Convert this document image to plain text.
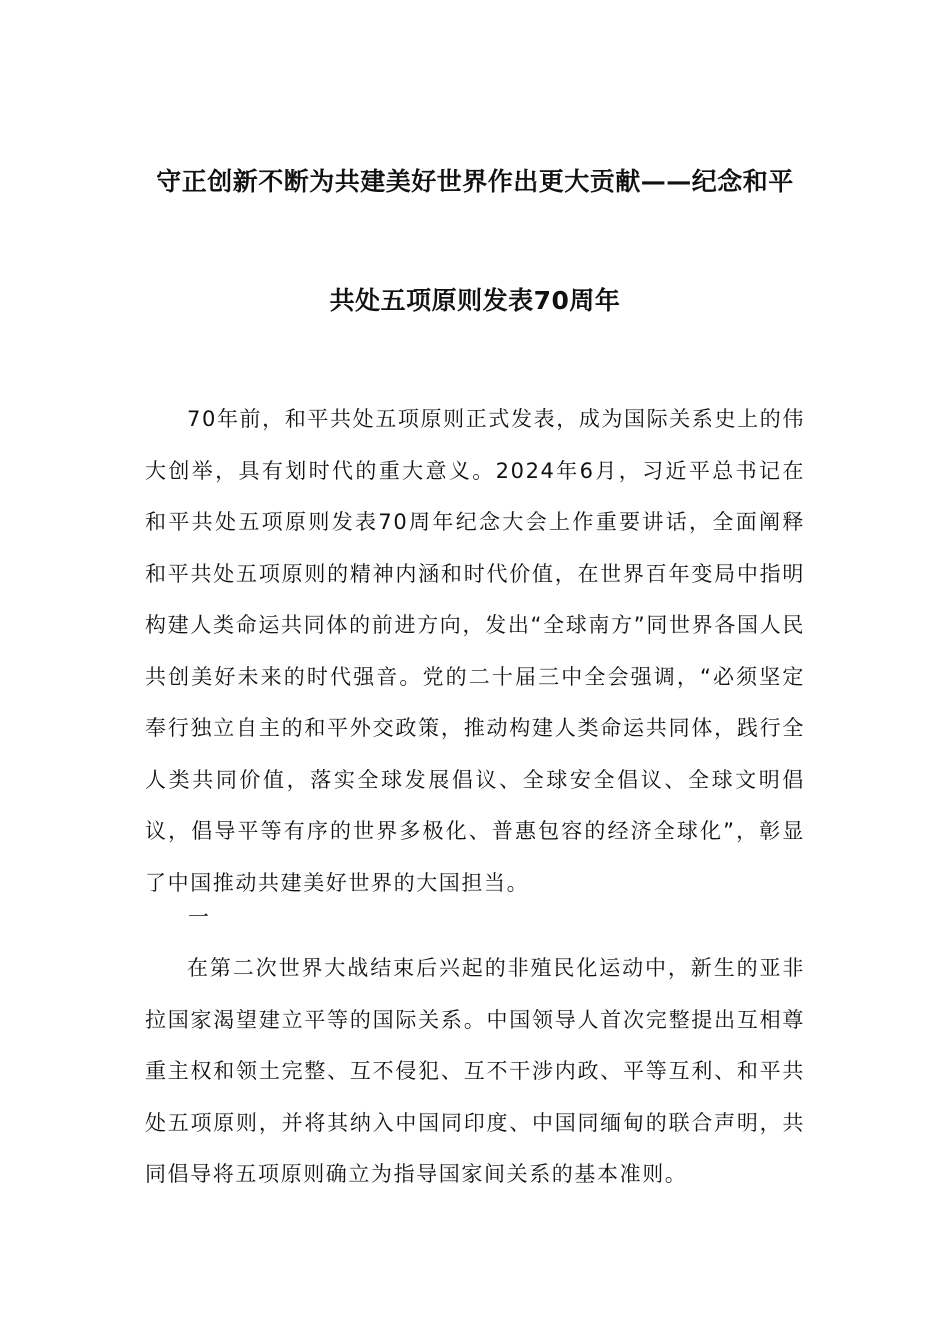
守正创新不断为共建美好世界作出更大贡献——纪念和平
共处五项原则发表70周年

70年前，和平共处五项原则正式发表，成为国际关系史上的伟大创举，具有划时代的重大意义。2024年6月，习近平总书记在和平共处五项原则发表70周年纪念大会上作重要讲话，全面阐释和平共处五项原则的精神内涵和时代价值，在世界百年变局中指明构建人类命运共同体的前进方向，发出“全球南方”同世界各国人民共创美好未来的时代强音。党的二十届三中全会强调，“必须坚定奉行独立自主的和平外交政策，推动构建人类命运共同体，践行全人类共同价值，落实全球发展倡议、全球安全倡议、全球文明倡议，倡导平等有序的世界多极化、普惠包容的经济全球化”，彰显了中国推动共建美好世界的大国担当。

一

在第二次世界大战结束后兴起的非殖民化运动中，新生的亚非拉国家渴望建立平等的国际关系。中国领导人首次完整提出互相尊重主权和领土完整、互不侵犯、互不干涉内政、平等互利、和平共处五项原则，并将其纳入中国同印度、中国同缅甸的联合声明，共同倡导将五项原则确立为指导国家间关系的基本准则。
